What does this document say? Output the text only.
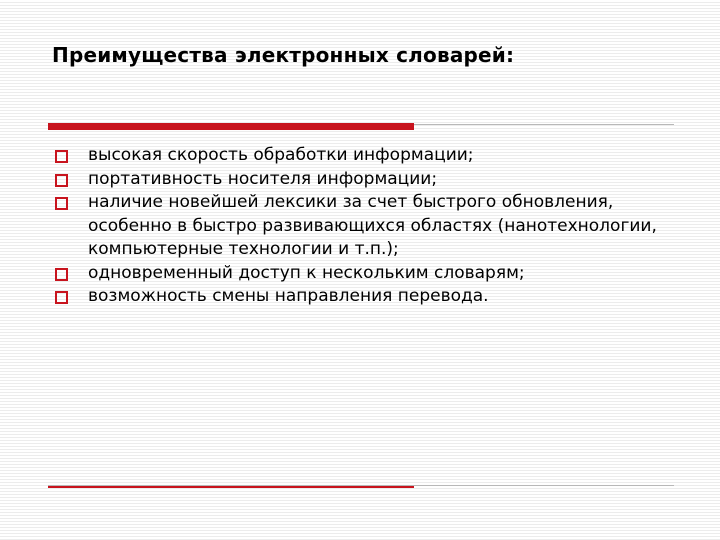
Преимущества электронных словарей:
высокая скорость обработки информации;
портативность носителя информации;
наличие новейшей лексики за счет быстрого обновления, особенно в быстро развивающихся областях (нанотехнологии, компьютерные технологии и т.п.);
одновременный доступ к нескольким словарям;
возможность смены направления перевода.
